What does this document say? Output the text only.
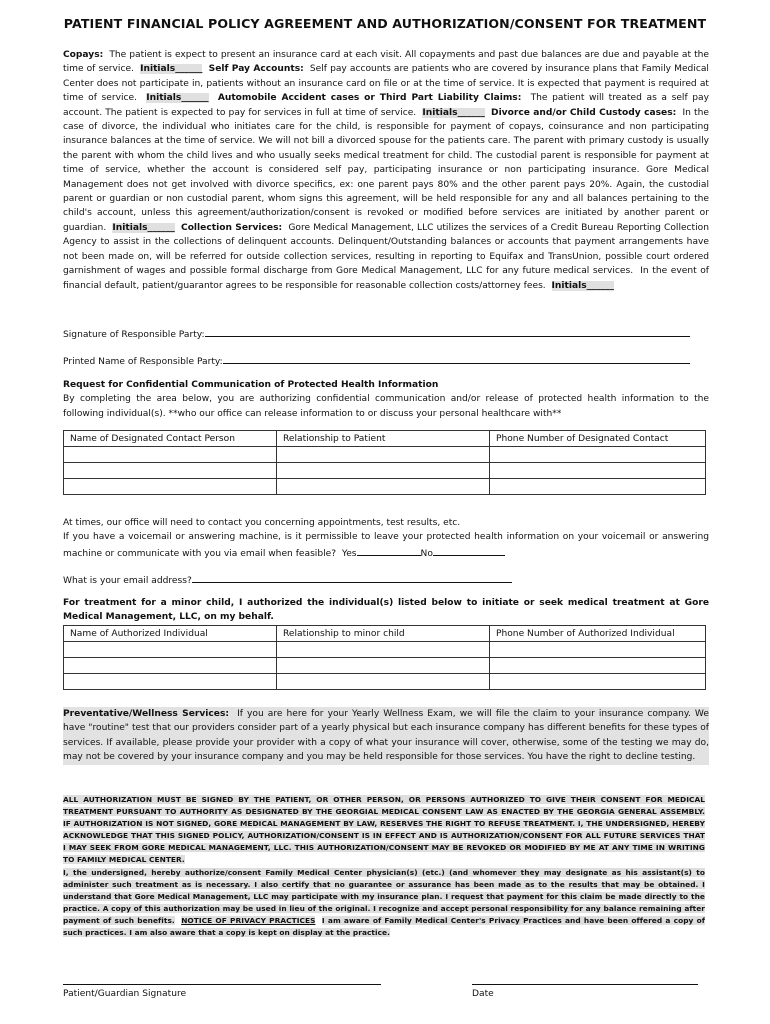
PATIENT FINANCIAL POLICY AGREEMENT AND AUTHORIZATION/CONSENT FOR TREATMENT
Copays: The patient is expect to present an insurance card at each visit. All copayments and past due balances are due and payable at the time of service. Initials______ Self Pay Accounts: Self pay accounts are patients who are covered by insurance plans that Family Medical Center does not participate in, patients without an insurance card on file or at the time of service. It is expected that payment is required at time of service. Initials______ Automobile Accident cases or Third Part Liability Claims: The patient will treated as a self pay account. The patient is expected to pay for services in full at time of service. Initials______ Divorce and/or Child Custody cases: In the case of divorce, the individual who initiates care for the child, is responsible for payment of copays, coinsurance and non participating insurance balances at the time of service. We will not bill a divorced spouse for the patients care. The parent with primary custody is usually the parent with whom the child lives and who usually seeks medical treatment for child. The custodial parent is responsible for payment at time of service, whether the account is considered self pay, participating insurance or non participating insurance. Gore Medical Management does not get involved with divorce specifics, ex: one parent pays 80% and the other parent pays 20%. Again, the custodial parent or guardian or non custodial parent, whom signs this agreement, will be held responsible for any and all balances pertaining to the child's account, unless this agreement/authorization/consent is revoked or modified before services are initiated by another parent or guardian. Initials______ Collection Services: Gore Medical Management, LLC utilizes the services of a Credit Bureau Reporting Collection Agency to assist in the collections of delinquent accounts. Delinquent/Outstanding balances or accounts that payment arrangements have not been made on, will be referred for outside collection services, resulting in reporting to Equifax and TransUnion, possible court ordered garnishment of wages and possible formal discharge from Gore Medical Management, LLC for any future medical services. In the event of financial default, patient/guarantor agrees to be responsible for reasonable collection costs/attorney fees. Initials______
Signature of Responsible Party:
Printed Name of Responsible Party:
Request for Confidential Communication of Protected Health Information
By completing the area below, you are authorizing confidential communication and/or release of protected health information to the following individual(s). **who our office can release information to or discuss your personal healthcare with**
Name of Designated Contact Person	Relationship to Patient	Phone Number of Designated Contact

At times, our office will need to contact you concerning appointments, test results, etc.
If you have a voicemail or answering machine, is it permissible to leave your protected health information on your voicemail or answering machine or communicate with you via email when feasible? Yes	No
What is your email address?
For treatment for a minor child, I authorized the individual(s) listed below to initiate or seek medical treatment at Gore Medical Management, LLC, on my behalf.
Name of Authorized Individual	Relationship to minor child	Phone Number of Authorized Individual

Preventative/Wellness Services: If you are here for your Yearly Wellness Exam, we will file the claim to your insurance company. We have "routine" test that our providers consider part of a yearly physical but each insurance company has different benefits for these types of services. If available, please provide your provider with a copy of what your insurance will cover, otherwise, some of the testing we may do, may not be covered by your insurance company and you may be held responsible for those services. You have the right to decline testing.
ALL AUTHORIZATION MUST BE SIGNED BY THE PATIENT, OR OTHER PERSON, OR PERSONS AUTHORIZED TO GIVE THEIR CONSENT FOR MEDICAL TREATMENT PURSUANT TO AUTHORITY AS DESIGNATED BY THE GEORGIAL MEDICAL CONSENT LAW AS ENACTED BY THE GEORGIA GENERAL ASSEMBLY. IF AUTHORIZATION IS NOT SIGNED, GORE MEDICAL MANAGEMENT BY LAW, RESERVES THE RIGHT TO REFUSE TREATMENT. I, THE UNDERSIGNED, HEREBY ACKNOWLEDGE THAT THIS SIGNED POLICY, AUTHORIZATION/CONSENT IS IN EFFECT AND IS AUTHORIZATION/CONSENT FOR ALL FUTURE SERVICES THAT I MAY SEEK FROM GORE MEDICAL MANAGEMENT, LLC. THIS AUTHORIZATION/CONSENT MAY BE REVOKED OR MODIFIED BY ME AT ANY TIME IN WRITING TO FAMILY MEDICAL CENTER.
I, the undersigned, hereby authorize/consent Family Medical Center physician(s) (etc.) (and whomever they may designate as his assistant(s) to administer such treatment as is necessary. I also certify that no guarantee or assurance has been made as to the results that may be obtained. I understand that Gore Medical Management, LLC may participate with my insurance plan. I request that payment for this claim be made directly to the practice. A copy of this authorization may be used in lieu of the original. I recognize and accept personal responsibility for any balance remaining after payment of such benefits. NOTICE OF PRIVACY PRACTICES I am aware of Family Medical Center's Privacy Practices and have been offered a copy of such practices. I am also aware that a copy is kept on display at the practice.
Patient/Guardian Signature	Date
